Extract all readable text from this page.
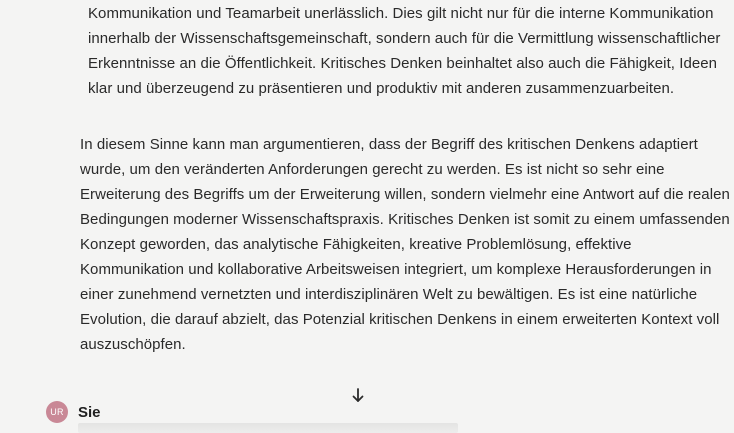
Kommunikation und Teamarbeit unerlässlich. Dies gilt nicht nur für die interne Kommunikation
innerhalb der Wissenschaftsgemeinschaft, sondern auch für die Vermittlung wissenschaftlicher
Erkenntnisse an die Öffentlichkeit. Kritisches Denken beinhaltet also auch die Fähigkeit, Ideen
klar und überzeugend zu präsentieren und produktiv mit anderen zusammenzuarbeiten.

In diesem Sinne kann man argumentieren, dass der Begriff des kritischen Denkens adaptiert
wurde, um den veränderten Anforderungen gerecht zu werden. Es ist nicht so sehr eine
Erweiterung des Begriffs um der Erweiterung willen, sondern vielmehr eine Antwort auf die realen
Bedingungen moderner Wissenschaftspraxis. Kritisches Denken ist somit zu einem umfassenden
Konzept geworden, das analytische Fähigkeiten, kreative Problemlösung, effektive
Kommunikation und kollaborative Arbeitsweisen integriert, um komplexe Herausforderungen in
einer zunehmend vernetzten und interdisziplinären Welt zu bewältigen. Es ist eine natürliche
Evolution, die darauf abzielt, das Potenzial kritischen Denkens in einem erweiterten Kontext voll
auszuschöpfen.

UR Sie
